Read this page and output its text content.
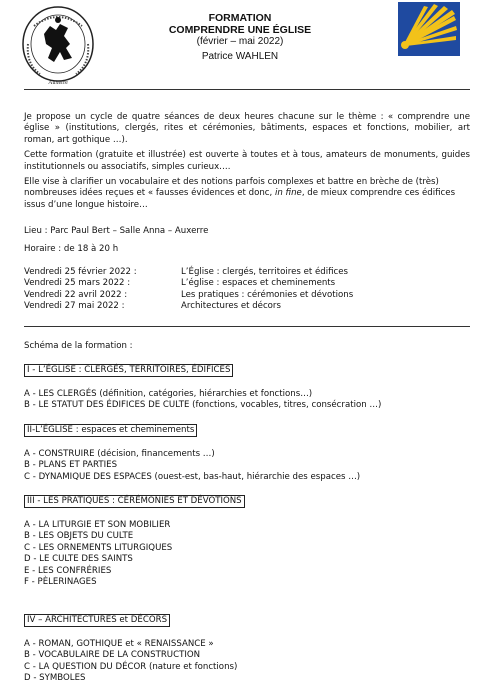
Auxerre
FORMATION
COMPRENDRE UNE ÉGLISE
(février – mai 2022)
Patrice WAHLEN

Je propose un cycle de quatre séances de deux heures chacune sur le thème : « comprendre une église » (institutions, clergés, rites et cérémonies, bâtiments, espaces et fonctions, mobilier, art roman, art gothique …).

Cette formation (gratuite et illustrée) est ouverte à toutes et à tous, amateurs de monuments, guides institutionnels ou associatifs, simples curieux….

Elle vise à clarifier un vocabulaire et des notions parfois complexes et battre en brèche de (très) nombreuses idées reçues et « fausses évidences et donc, in fine, de mieux comprendre ces édifices issus d’une longue histoire…

Lieu : Parc Paul Bert – Salle Anna – Auxerre
Horaire : de 18 à 20 h
Vendredi 25 février 2022 :	L’Église : clergés, territoires et édifices
Vendredi 25 mars 2022 :	L’église : espaces et cheminements
Vendredi 22 avril 2022 :	Les pratiques : cérémonies et dévotions
Vendredi 27 mai 2022 :	Architectures et décors
Schéma de la formation :
I - L’ÉGLISE : CLERGÉS, TERRITOIRES, ÉDIFICES
A - LES CLERGÉS (définition, catégories, hiérarchies et fonctions…)
B - LE STATUT DES ÉDIFICES DE CULTE (fonctions, vocables, titres, consécration …)
II-L’ÉGLISE : espaces et cheminements
A - CONSTRUIRE (décision, financements …)
B - PLANS ET PARTIES
C - DYNAMIQUE DES ESPACES (ouest-est, bas-haut, hiérarchie des espaces …)
III - LES PRATIQUES : CÉRÉMONIES ET DÉVOTIONS
A - LA LITURGIE ET SON MOBILIER
B - LES OBJETS DU CULTE
C - LES ORNEMENTS LITURGIQUES
D - LE CULTE DES SAINTS
E - LES CONFRÉRIES
F - PÈLERINAGES
IV – ARCHITECTURES et DÉCORS
A - ROMAN, GOTHIQUE et « RENAISSANCE »
B - VOCABULAIRE DE LA CONSTRUCTION
C - LA QUESTION DU DÉCOR (nature et fonctions)
D - SYMBOLES
